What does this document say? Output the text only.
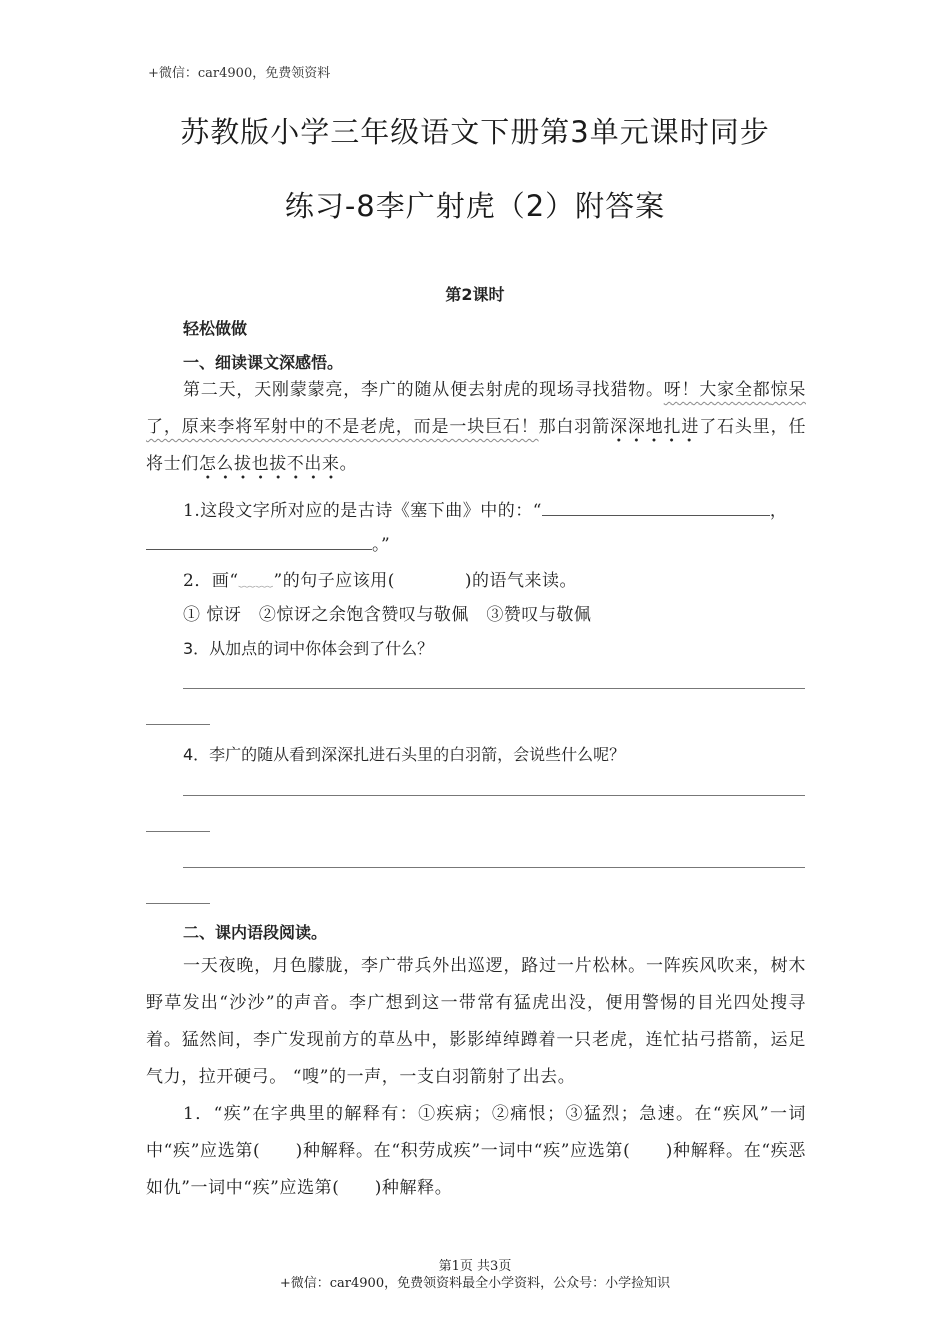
+微信：car4900，免费领资料
苏教版小学三年级语文下册第3单元课时同步
练习-8李广射虎（2）附答案
第2课时
轻松做做
一、细读课文深感悟。
第二天，天刚蒙蒙亮，李广的随从便去射虎的现场寻找猎物。呀！大家全都惊呆了，原来李将军射中的不是老虎，而是一块巨石！那白羽箭深深地扎进了石头里，任将士们怎么拔也拔不出来。
1.这段文字所对应的是古诗《塞下曲》中的：“	，
。”
2．画“﹏﹏”的句子应该用(	)的语气来读。
① 惊讶　②惊讶之余饱含赞叹与敬佩　③赞叹与敬佩
3．从加点的词中你体会到了什么？
4．李广的随从看到深深扎进石头里的白羽箭，会说些什么呢？
二、课内语段阅读。
一天夜晚，月色朦胧，李广带兵外出巡逻，路过一片松林。一阵疾风吹来，树木野草发出“沙沙”的声音。李广想到这一带常有猛虎出没，便用警惕的目光四处搜寻着。猛然间，李广发现前方的草丛中，影影绰绰蹲着一只老虎，连忙拈弓搭箭，运足气力，拉开硬弓。 “嗖”的一声，一支白羽箭射了出去。
1．“疾”在字典里的解释有：①疾病；②痛恨；③猛烈；急速。在“疾风”一词中“疾”应选第(　　)种解释。在“积劳成疾”一词中“疾”应选第(　　)种解释。在“疾恶如仇”一词中“疾”应选第(　　)种解释。
第1页 共3页
+微信：car4900，免费领资料最全小学资料，公众号：小学捡知识
